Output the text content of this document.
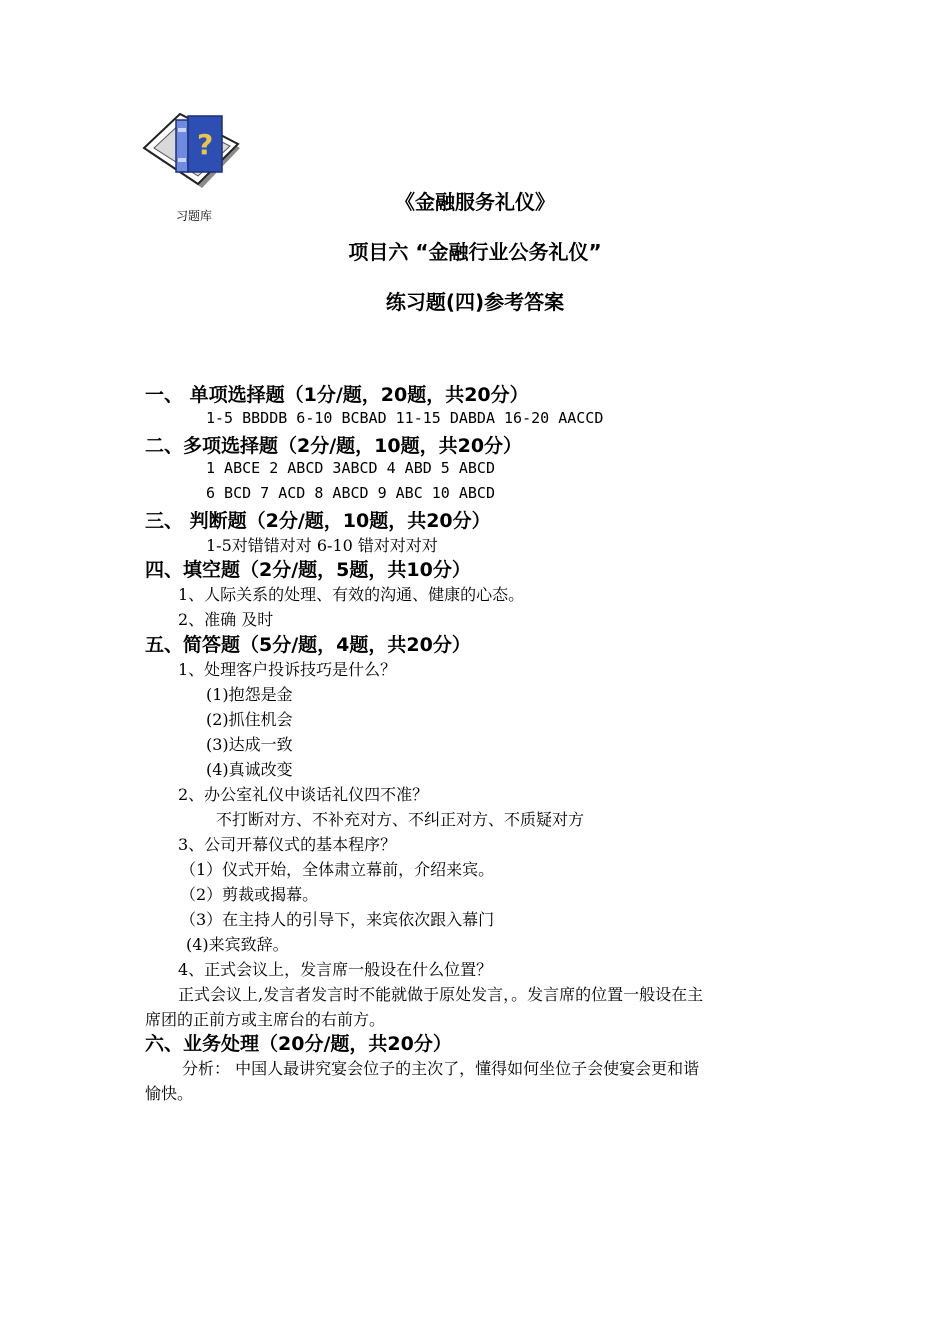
?
习题库
《金融服务礼仪》
项目六 “金融行业公务礼仪”
练习题(四)参考答案
一、 单项选择题（1分/题，20题，共20分）
1-5 BBDDB 6-10 BCBAD 11-15 DABDA 16-20 AACCD
二、多项选择题（2分/题，10题，共20分）
1 ABCE 2 ABCD 3ABCD 4 ABD 5 ABCD
6 BCD 7 ACD 8 ABCD 9 ABC 10 ABCD
三、 判断题（2分/题，10题，共20分）
1-5对错错对对 6-10 错对对对对
四、填空题（2分/题，5题，共10分）
1、人际关系的处理、有效的沟通、健康的心态。
2、准确 及时
五、简答题（5分/题，4题，共20分）
1、处理客户投诉技巧是什么？
(1)抱怨是金
(2)抓住机会
(3)达成一致
(4)真诚改变
2、办公室礼仪中谈话礼仪四不准？
不打断对方、不补充对方、不纠正对方、不质疑对方
3、公司开幕仪式的基本程序？
（1）仪式开始，全体肃立幕前，介绍来宾。
（2）剪裁或揭幕。
（3）在主持人的引导下，来宾依次跟入幕门
(4)来宾致辞。
4、正式会议上，发言席一般设在什么位置？
正式会议上,发言者发言时不能就做于原处发言，。发言席的位置一般设在主
席团的正前方或主席台的右前方。
六、业务处理（20分/题，共20分）
分析： 中国人最讲究宴会位子的主次了，懂得如何坐位子会使宴会更和谐
愉快。
